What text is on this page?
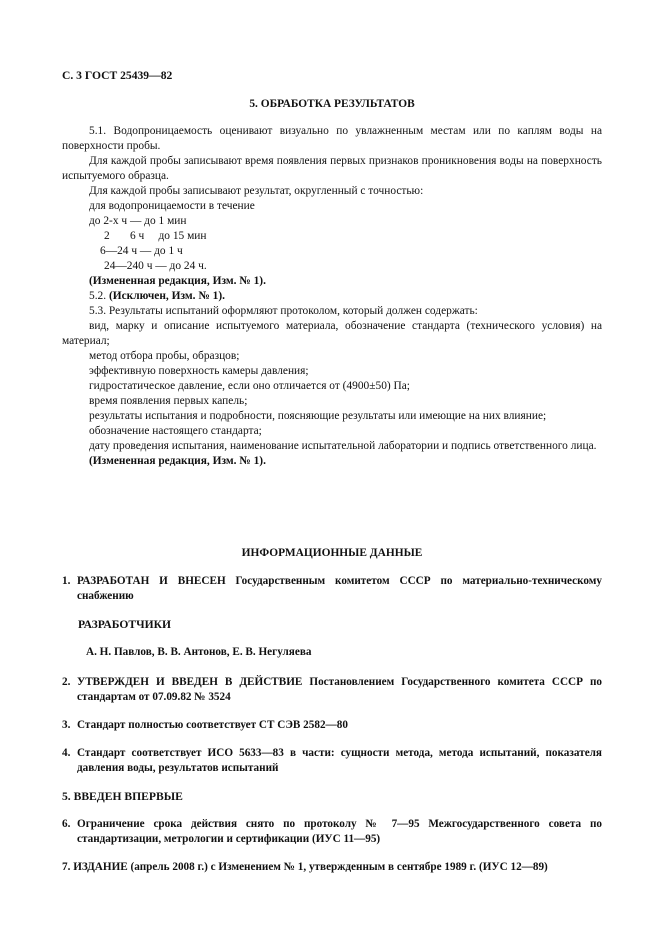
С. 3 ГОСТ 25439—82
5. ОБРАБОТКА РЕЗУЛЬТАТОВ
5.1. Водопроницаемость оценивают визуально по увлажненным местам или по каплям воды на поверхности пробы.
Для каждой пробы записывают время появления первых признаков проникновения воды на поверхность испытуемого образца.
Для каждой пробы записывают результат, округленный с точностью:
для водопроницаемости в течение
до 2-х ч — до 1 мин
2 6 ч     до 15 мин
6—24 ч — до 1 ч
24—240 ч — до 24 ч.
(Измененная редакция, Изм. № 1).
5.2. (Исключен, Изм. № 1).
5.3. Результаты испытаний оформляют протоколом, который должен содержать:
вид, марку и описание испытуемого материала, обозначение стандарта (технического условия) на материал;
метод отбора пробы, образцов;
эффективную поверхность камеры давления;
гидростатическое давление, если оно отличается от (4900±50) Па;
время появления первых капель;
результаты испытания и подробности, поясняющие результаты или имеющие на них влияние;
обозначение настоящего стандарта;
дату проведения испытания, наименование испытательной лаборатории и подпись ответственного лица.
(Измененная редакция, Изм. № 1).
ИНФОРМАЦИОННЫЕ ДАННЫЕ
1. РАЗРАБОТАН И ВНЕСЕН Государственным комитетом СССР по материально-техническому снабжению
РАЗРАБОТЧИКИ
А. Н. Павлов, В. В. Антонов, Е. В. Негуляева
2. УТВЕРЖДЕН И ВВЕДЕН В ДЕЙСТВИЕ Постановлением Государственного комитета СССР по стандартам от 07.09.82 № 3524
3. Стандарт полностью соответствует СТ СЭВ 2582—80
4. Стандарт соответствует ИСО 5633—83 в части: сущности метода, метода испытаний, показателя давления воды, результатов испытаний
5. ВВЕДЕН ВПЕРВЫЕ
6. Ограничение срока действия снято по протоколу № 7—95 Межгосударственного совета по стандартизации, метрологии и сертификации (ИУС 11—95)
7. ИЗДАНИЕ (апрель 2008 г.) с Изменением № 1, утвержденным в сентябре 1989 г. (ИУС 12—89)
